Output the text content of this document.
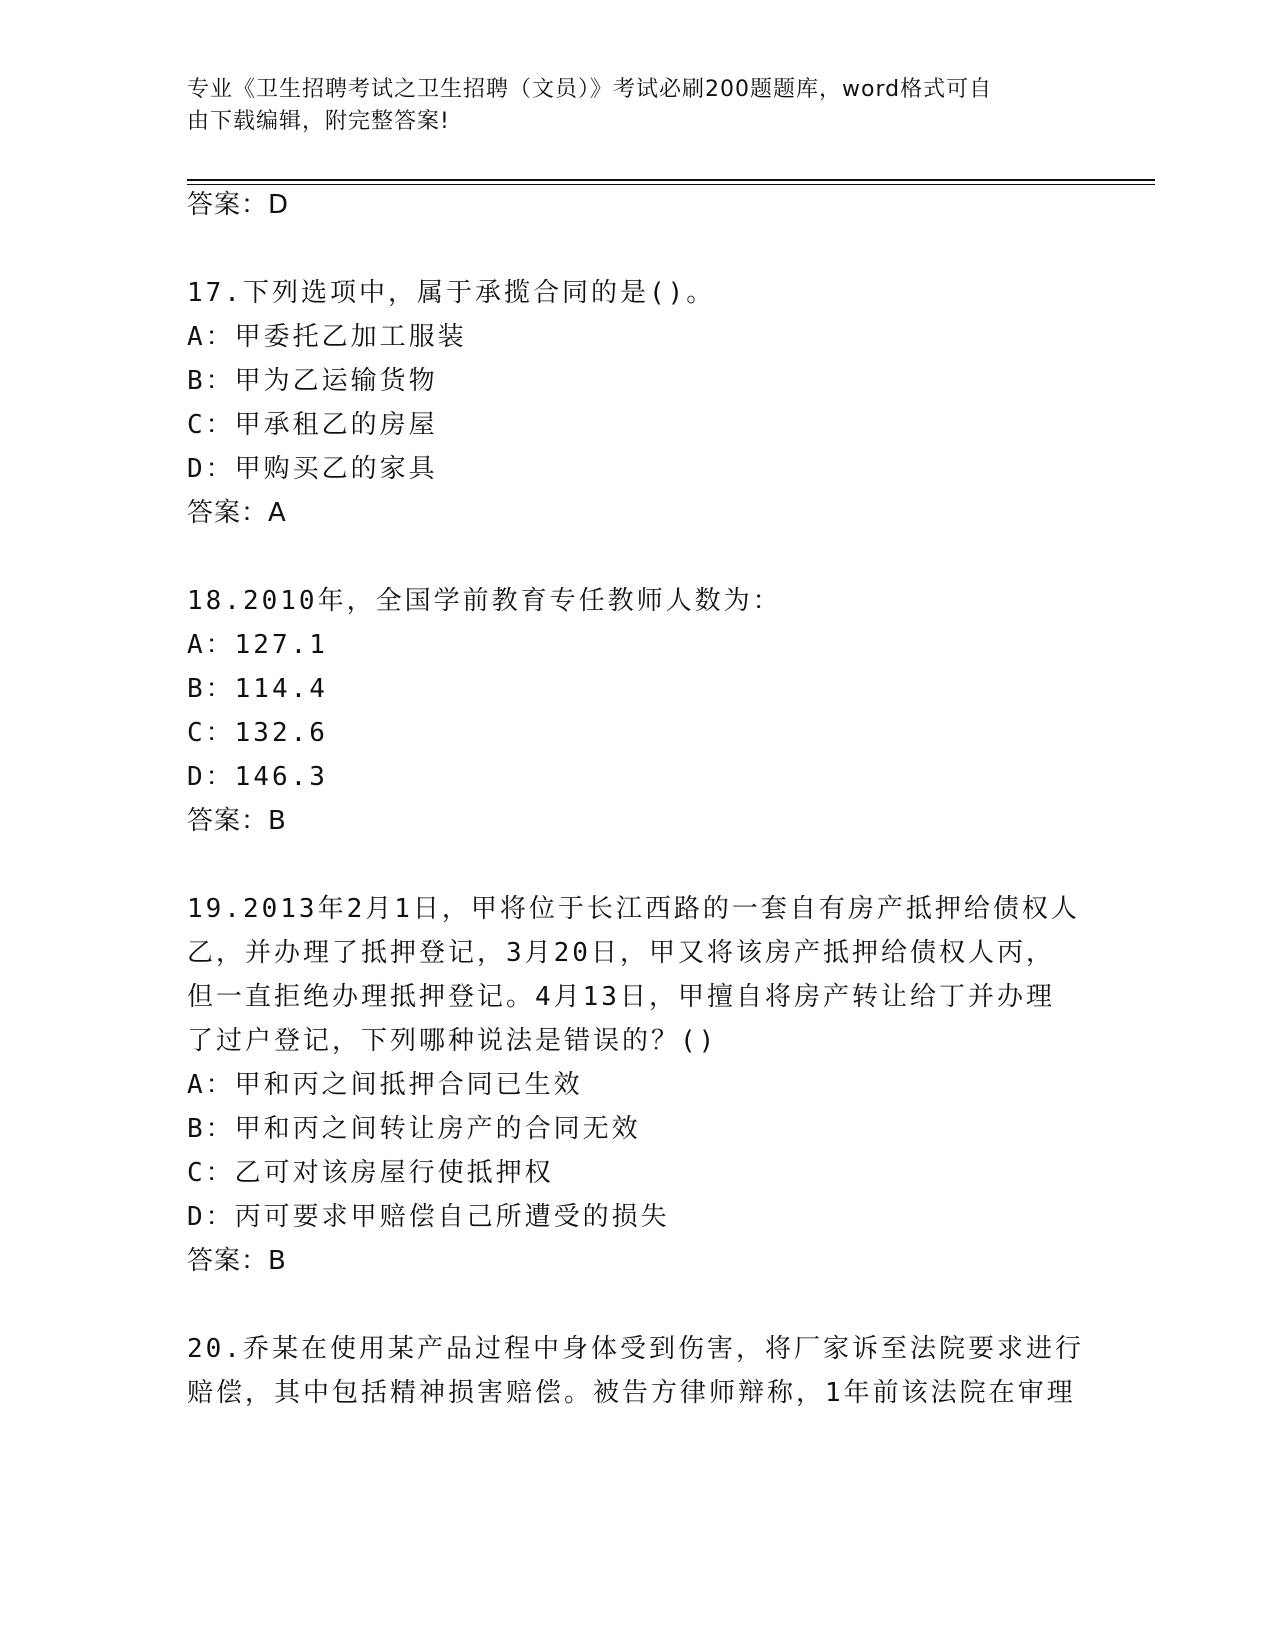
专业《卫生招聘考试之卫生招聘（文员）》考试必刷200题题库，word格式可自
由下载编辑，附完整答案!
答案：D
17.下列选项中，属于承揽合同的是()。
A：甲委托乙加工服装
B：甲为乙运输货物
C：甲承租乙的房屋
D：甲购买乙的家具
答案：A
18.2010年，全国学前教育专任教师人数为：
A：127.1
B：114.4
C：132.6
D：146.3
答案：B
19.2013年2月1日，甲将位于长江西路的一套自有房产抵押给债权人
乙，并办理了抵押登记，3月20日，甲又将该房产抵押给债权人丙，
但一直拒绝办理抵押登记。4月13日，甲擅自将房产转让给丁并办理
了过户登记，下列哪种说法是错误的？()
A：甲和丙之间抵押合同已生效
B：甲和丙之间转让房产的合同无效
C：乙可对该房屋行使抵押权
D：丙可要求甲赔偿自己所遭受的损失
答案：B
20.乔某在使用某产品过程中身体受到伤害，将厂家诉至法院要求进行
赔偿，其中包括精神损害赔偿。被告方律师辩称，1年前该法院在审理
